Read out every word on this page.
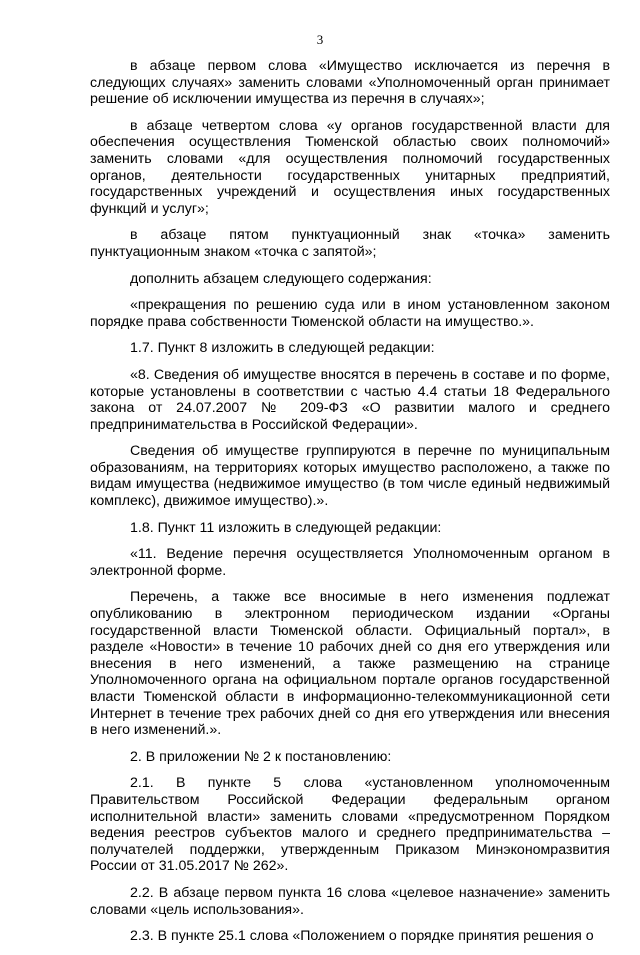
3

в абзаце первом слова «Имущество исключается из перечня в следующих случаях» заменить словами «Уполномоченный орган принимает решение об исключении имущества из перечня в случаях»;

в абзаце четвертом слова «у органов государственной власти для обеспечения осуществления Тюменской областью своих полномочий» заменить словами «для осуществления полномочий государственных органов, деятельности государственных унитарных предприятий, государственных учреждений и осуществления иных государственных функций и услуг»;

в абзаце пятом пунктуационный знак «точка» заменить пунктуационным знаком «точка с запятой»;

дополнить абзацем следующего содержания:

«прекращения по решению суда или в ином установленном законом порядке права собственности Тюменской области на имущество.».

1.7. Пункт 8 изложить в следующей редакции:

«8. Сведения об имуществе вносятся в перечень в составе и по форме, которые установлены в соответствии с частью 4.4 статьи 18 Федерального закона от 24.07.2007 № 209-ФЗ «О развитии малого и среднего предпринимательства в Российской Федерации».

Сведения об имуществе группируются в перечне по муниципальным образованиям, на территориях которых имущество расположено, а также по видам имущества (недвижимое имущество (в том числе единый недвижимый комплекс), движимое имущество).».

1.8. Пункт 11 изложить в следующей редакции:

«11. Ведение перечня осуществляется Уполномоченным органом в электронной форме.

Перечень, а также все вносимые в него изменения подлежат опубликованию в электронном периодическом издании «Органы государственной власти Тюменской области. Официальный портал», в разделе «Новости» в течение 10 рабочих дней со дня его утверждения или внесения в него изменений, а также размещению на странице Уполномоченного органа на официальном портале органов государственной власти Тюменской области в информационно-телекоммуникационной сети Интернет в течение трех рабочих дней со дня его утверждения или внесения в него изменений.».

2. В приложении № 2 к постановлению:

2.1. В пункте 5 слова «установленном уполномоченным Правительством Российской Федерации федеральным органом исполнительной власти» заменить словами «предусмотренном Порядком ведения реестров субъектов малого и среднего предпринимательства – получателей поддержки, утвержденным Приказом Минэкономразвития России от 31.05.2017 № 262».

2.2. В абзаце первом пункта 16 слова «целевое назначение» заменить словами «цель использования».

2.3. В пункте 25.1 слова «Положением о порядке принятия решения о
